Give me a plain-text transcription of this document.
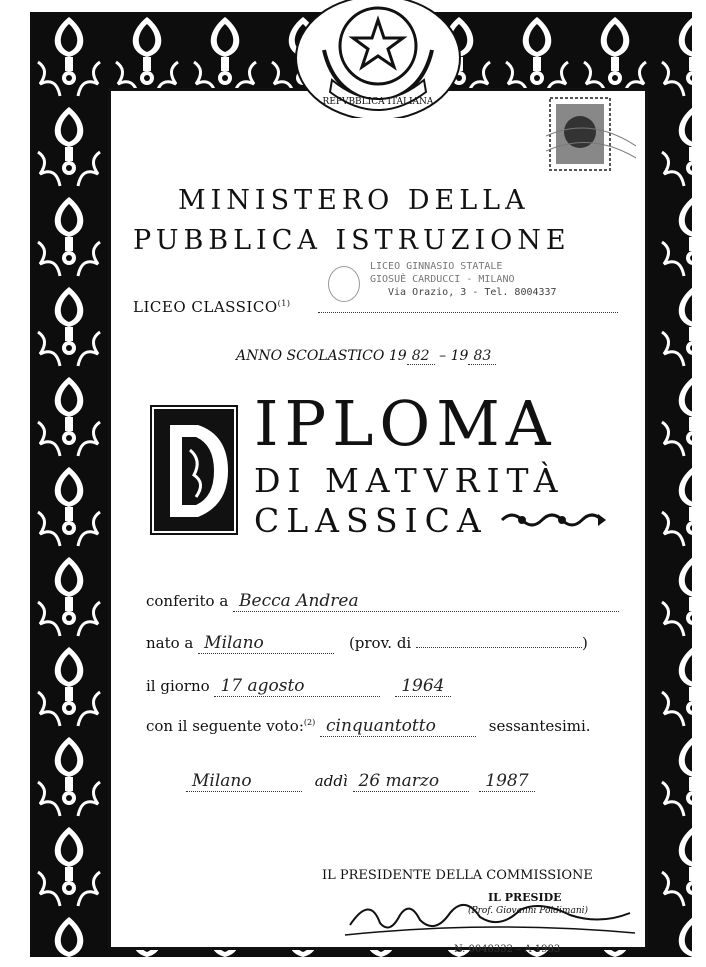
REPVBBLICA ITALIANA
MINISTERO DELLA
PUBBLICA ISTRUZIONE
LICEO CLASSICO$^{(1)}$
LICEO GINNASIO STATALE
GIOSUÈ CARDUCCI - MILANO
Via Orazio, 3 - Tel. 8004337
ANNO SCOLASTICO 19 82 – 19 83
IPLOMA
DI MATVRITÀ
CLASSICA
conferito a Becca Andrea
nato a Milano	(prov. di	)
il giorno 17 agosto	1964
con il seguente voto:$^{(2)}$ cinquantotto	sessantesimi.
Milano	addì 26 marzo	1987
IL PRESIDENTE DELLA COMMISSIONE
IL PRESIDE
(Prof. Giovanni Poidimani)
N. 0048332 – A 1983
